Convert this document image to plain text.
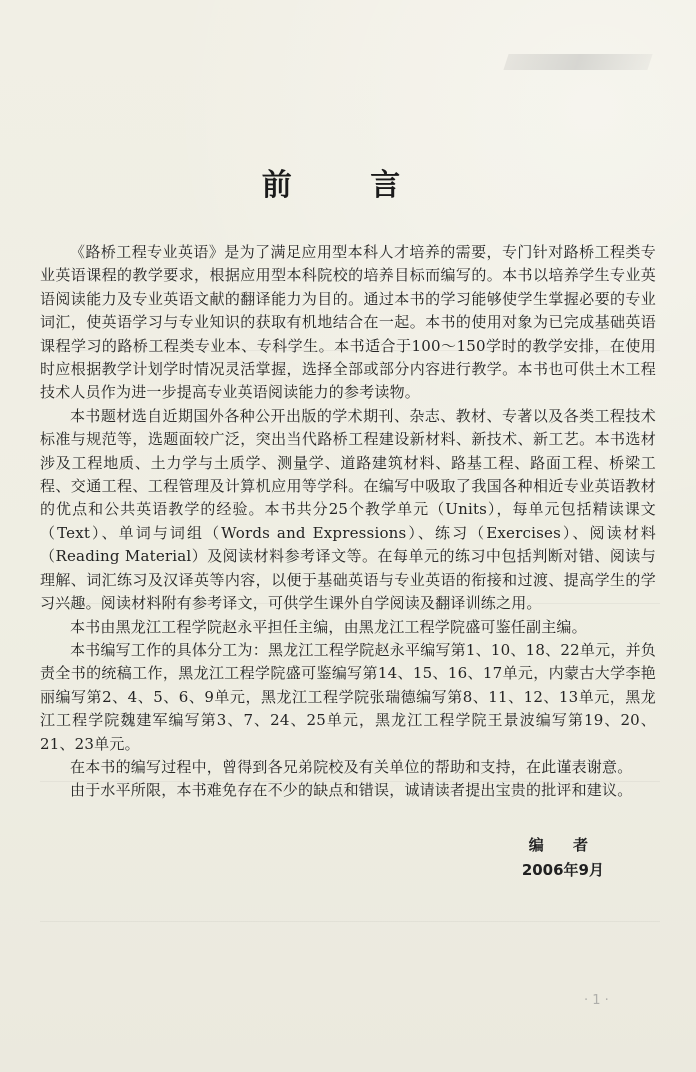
前 言

《路桥工程专业英语》是为了满足应用型本科人才培养的需要，专门针对路桥工程类专业英语课程的教学要求，根据应用型本科院校的培养目标而编写的。本书以培养学生专业英语阅读能力及专业英语文献的翻译能力为目的。通过本书的学习能够使学生掌握必要的专业词汇，使英语学习与专业知识的获取有机地结合在一起。本书的使用对象为已完成基础英语课程学习的路桥工程类专业本、专科学生。本书适合于100～150学时的教学安排，在使用时应根据教学计划学时情况灵活掌握，选择全部或部分内容进行教学。本书也可供土木工程技术人员作为进一步提高专业英语阅读能力的参考读物。

本书题材选自近期国外各种公开出版的学术期刊、杂志、教材、专著以及各类工程技术标准与规范等，选题面较广泛，突出当代路桥工程建设新材料、新技术、新工艺。本书选材涉及工程地质、土力学与土质学、测量学、道路建筑材料、路基工程、路面工程、桥梁工程、交通工程、工程管理及计算机应用等学科。在编写中吸取了我国各种相近专业英语教材的优点和公共英语教学的经验。本书共分25个教学单元（Units），每单元包括精读课文（Text）、单词与词组（Words and Expressions）、练习（Exercises）、阅读材料（Reading Material）及阅读材料参考译文等。在每单元的练习中包括判断对错、阅读与理解、词汇练习及汉译英等内容，以便于基础英语与专业英语的衔接和过渡、提高学生的学习兴趣。阅读材料附有参考译文，可供学生课外自学阅读及翻译训练之用。

本书由黑龙江工程学院赵永平担任主编，由黑龙江工程学院盛可鉴任副主编。

本书编写工作的具体分工为：黑龙江工程学院赵永平编写第1、10、18、22单元，并负责全书的统稿工作，黑龙江工程学院盛可鉴编写第14、15、16、17单元，内蒙古大学李艳丽编写第2、4、5、6、9单元，黑龙江工程学院张瑞德编写第8、11、12、13单元，黑龙江工程学院魏建军编写第3、7、24、25单元，黑龙江工程学院王景波编写第19、20、21、23单元。

在本书的编写过程中，曾得到各兄弟院校及有关单位的帮助和支持，在此谨表谢意。

由于水平所限，本书难免存在不少的缺点和错误，诚请读者提出宝贵的批评和建议。

编 者
2006年9月
· 1 ·
